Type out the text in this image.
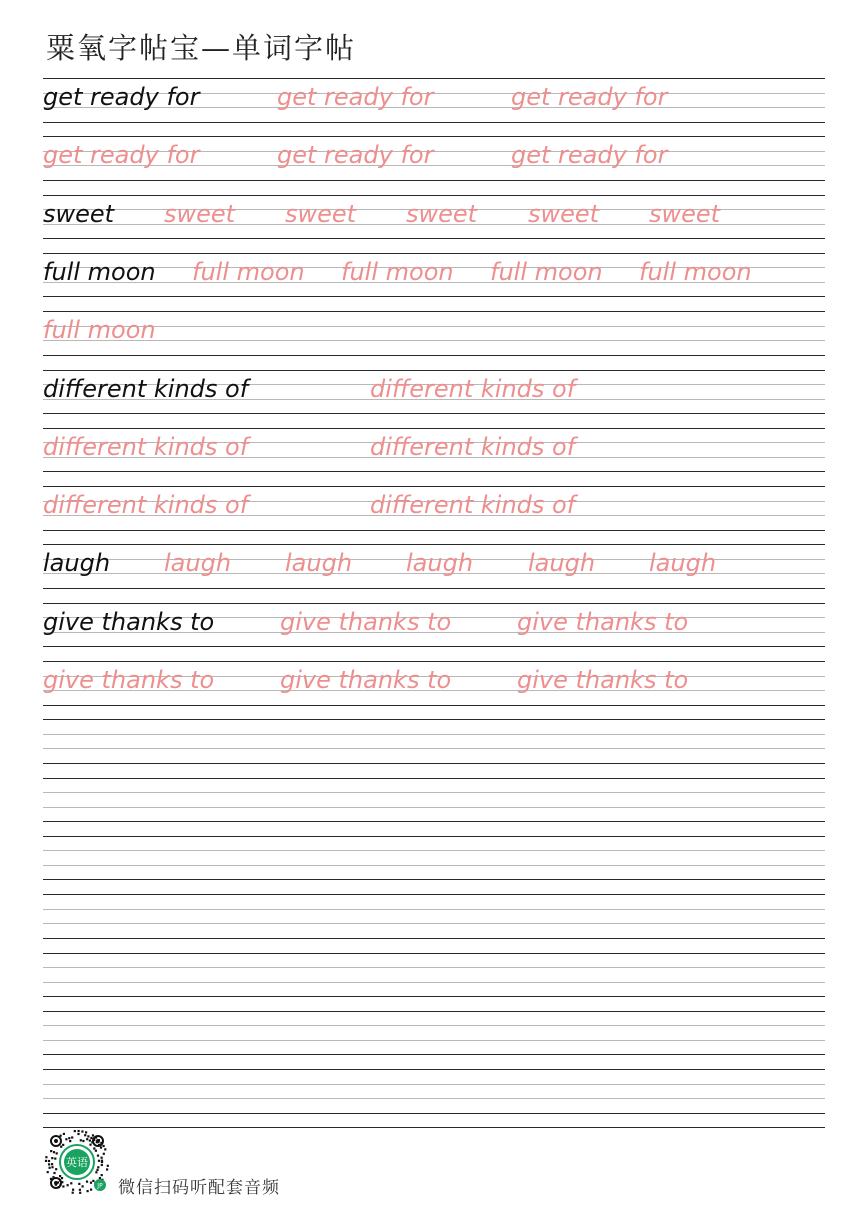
粟氧字帖宝—单词字帖
get ready for	get ready for	get ready for
get ready for	get ready for	get ready for
sweet sweet sweet sweet sweet sweet
full moon full moon full moon full moon full moon
full moon
different kinds of	different kinds of
different kinds of	different kinds of
different kinds of	different kinds of
laugh laugh laugh laugh laugh laugh
give thanks to	give thanks to	give thanks to
give thanks to	give thanks to	give thanks to
英语
JP 微信扫码听配套音频
